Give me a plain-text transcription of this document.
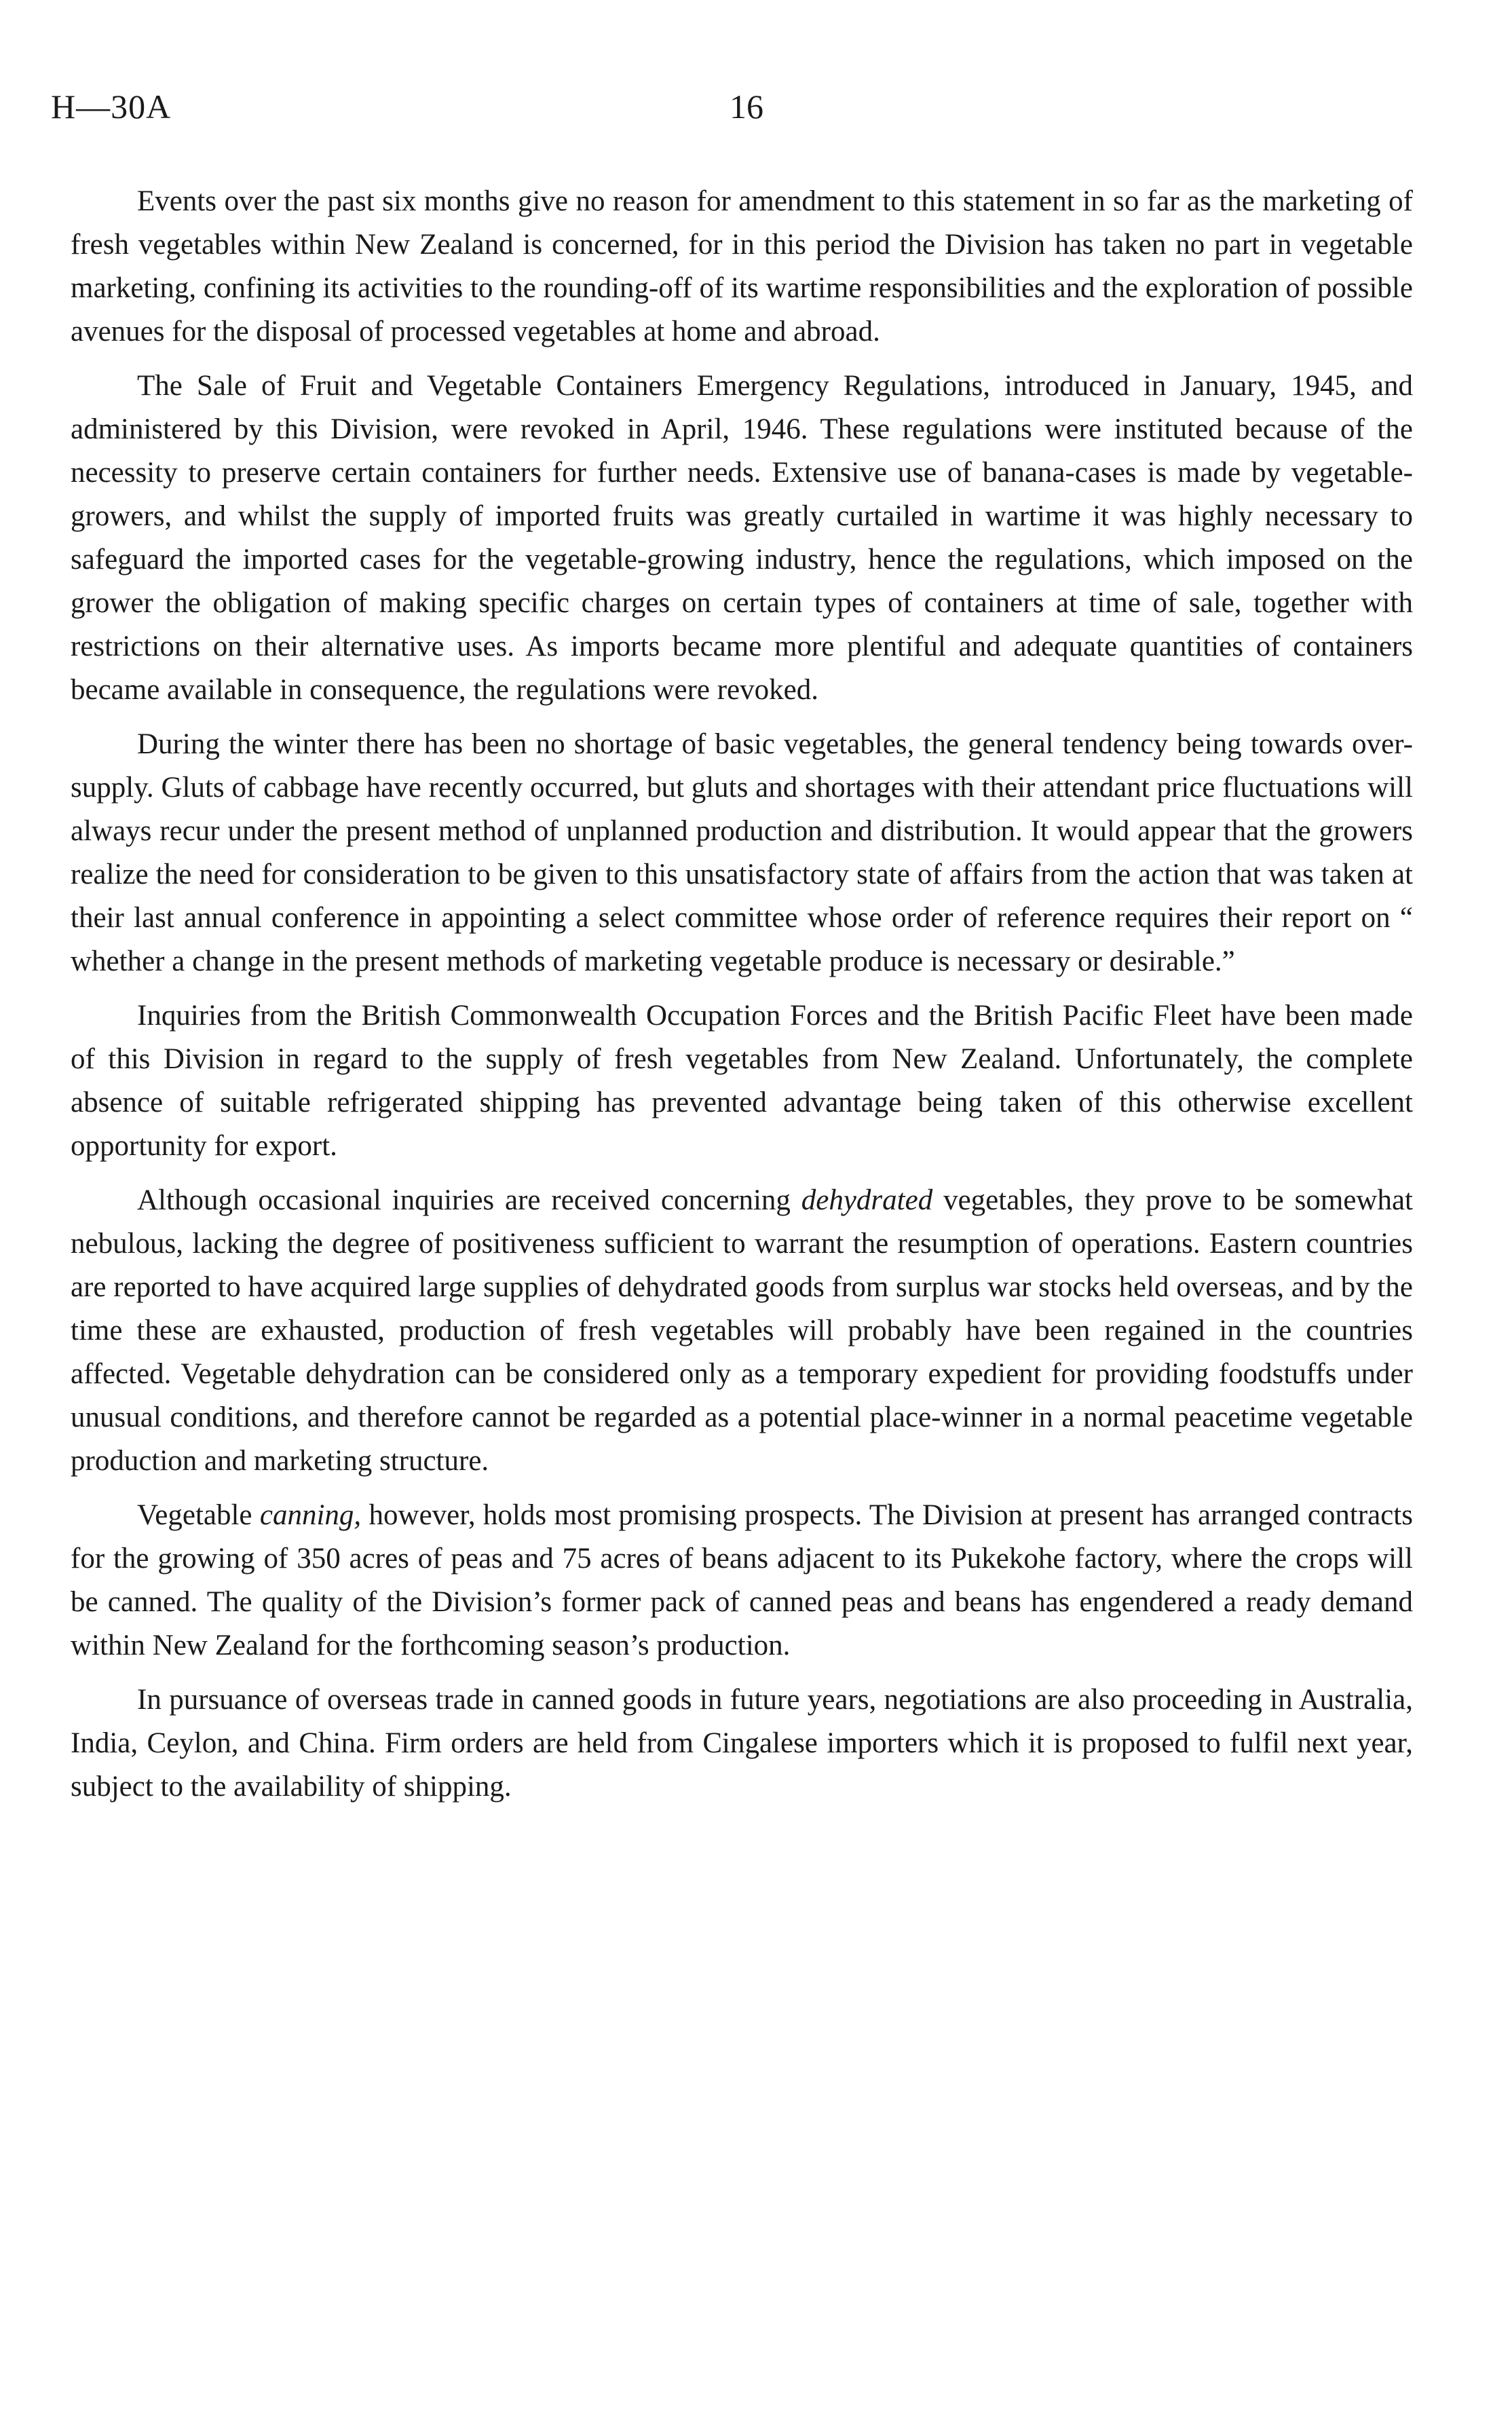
H—30A	16

Events over the past six months give no reason for amendment to this statement in so far as the marketing of fresh vegetables within New Zealand is concerned, for in this period the Division has taken no part in vegetable marketing, confining its activities to the rounding-off of its wartime responsibilities and the exploration of possible avenues for the disposal of processed vegetables at home and abroad.

The Sale of Fruit and Vegetable Containers Emergency Regulations, introduced in January, 1945, and administered by this Division, were revoked in April, 1946. These regulations were instituted because of the necessity to preserve certain containers for further needs. Extensive use of banana-cases is made by vegetable-growers, and whilst the supply of imported fruits was greatly curtailed in wartime it was highly necessary to safeguard the imported cases for the vegetable-growing industry, hence the regulations, which imposed on the grower the obligation of making specific charges on certain types of containers at time of sale, together with restrictions on their alternative uses. As imports became more plentiful and adequate quantities of containers became available in consequence, the regulations were revoked.

During the winter there has been no shortage of basic vegetables, the general tendency being towards over-supply. Gluts of cabbage have recently occurred, but gluts and shortages with their attendant price fluctuations will always recur under the present method of unplanned production and distribution. It would appear that the growers realize the need for consideration to be given to this unsatisfactory state of affairs from the action that was taken at their last annual conference in appointing a select committee whose order of reference requires their report on “ whether a change in the present methods of marketing vegetable produce is necessary or desirable.”

Inquiries from the British Commonwealth Occupation Forces and the British Pacific Fleet have been made of this Division in regard to the supply of fresh vegetables from New Zealand. Unfortunately, the complete absence of suitable refrigerated shipping has prevented advantage being taken of this otherwise excellent opportunity for export.

Although occasional inquiries are received concerning dehydrated vegetables, they prove to be somewhat nebulous, lacking the degree of positiveness sufficient to warrant the resumption of operations. Eastern countries are reported to have acquired large supplies of dehydrated goods from surplus war stocks held overseas, and by the time these are exhausted, production of fresh vegetables will probably have been regained in the countries affected. Vegetable dehydration can be considered only as a temporary expedient for providing foodstuffs under unusual conditions, and therefore cannot be regarded as a potential place-winner in a normal peacetime vegetable production and marketing structure.

Vegetable canning, however, holds most promising prospects. The Division at present has arranged contracts for the growing of 350 acres of peas and 75 acres of beans adjacent to its Pukekohe factory, where the crops will be canned. The quality of the Division’s former pack of canned peas and beans has engendered a ready demand within New Zealand for the forthcoming season’s production.

In pursuance of overseas trade in canned goods in future years, negotiations are also proceeding in Australia, India, Ceylon, and China. Firm orders are held from Cingalese importers which it is proposed to fulfil next year, subject to the availability of shipping.
